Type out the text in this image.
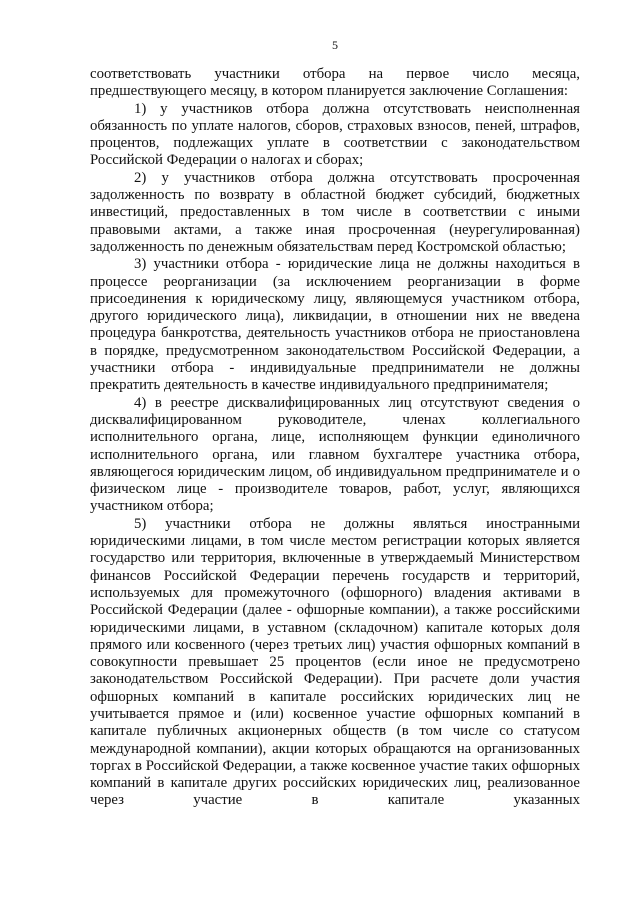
5

соответствовать участники отбора на первое число месяца, предшествующего месяцу, в котором планируется заключение Соглашения:

1) у участников отбора должна отсутствовать неисполненная обязанность по уплате налогов, сборов, страховых взносов, пеней, штрафов, процентов, подлежащих уплате в соответствии с законодательством Российской Федерации о налогах и сборах;

2) у участников отбора должна отсутствовать просроченная задолженность по возврату в областной бюджет субсидий, бюджетных инвестиций, предоставленных в том числе в соответствии с иными правовыми актами, а также иная просроченная (неурегулированная) задолженность по денежным обязательствам перед Костромской областью;

3) участники отбора - юридические лица не должны находиться в процессе реорганизации (за исключением реорганизации в форме присоединения к юридическому лицу, являющемуся участником отбора, другого юридического лица), ликвидации, в отношении них не введена процедура банкротства, деятельность участников отбора не приостановлена в порядке, предусмотренном законодательством Российской Федерации, а участники отбора - индивидуальные предприниматели не должны прекратить деятельность в качестве индивидуального предпринимателя;

4) в реестре дисквалифицированных лиц отсутствуют сведения о дисквалифицированном руководителе, членах коллегиального исполнительного органа, лице, исполняющем функции единоличного исполнительного органа, или главном бухгалтере участника отбора, являющегося юридическим лицом, об индивидуальном предпринимателе и о физическом лице - производителе товаров, работ, услуг, являющихся участником отбора;

5) участники отбора не должны являться иностранными юридическими лицами, в том числе местом регистрации которых является государство или территория, включенные в утверждаемый Министерством финансов Российской Федерации перечень государств и территорий, используемых для промежуточного (офшорного) владения активами в Российской Федерации (далее - офшорные компании), а также российскими юридическими лицами, в уставном (складочном) капитале которых доля прямого или косвенного (через третьих лиц) участия офшорных компаний в совокупности превышает 25 процентов (если иное не предусмотрено законодательством Российской Федерации). При расчете доли участия офшорных компаний в капитале российских юридических лиц не учитывается прямое и (или) косвенное участие офшорных компаний в капитале публичных акционерных обществ (в том числе со статусом международной компании), акции которых обращаются на организованных торгах в Российской Федерации, а также косвенное участие таких офшорных компаний в капитале других российских юридических лиц, реализованное через участие в капитале указанных
